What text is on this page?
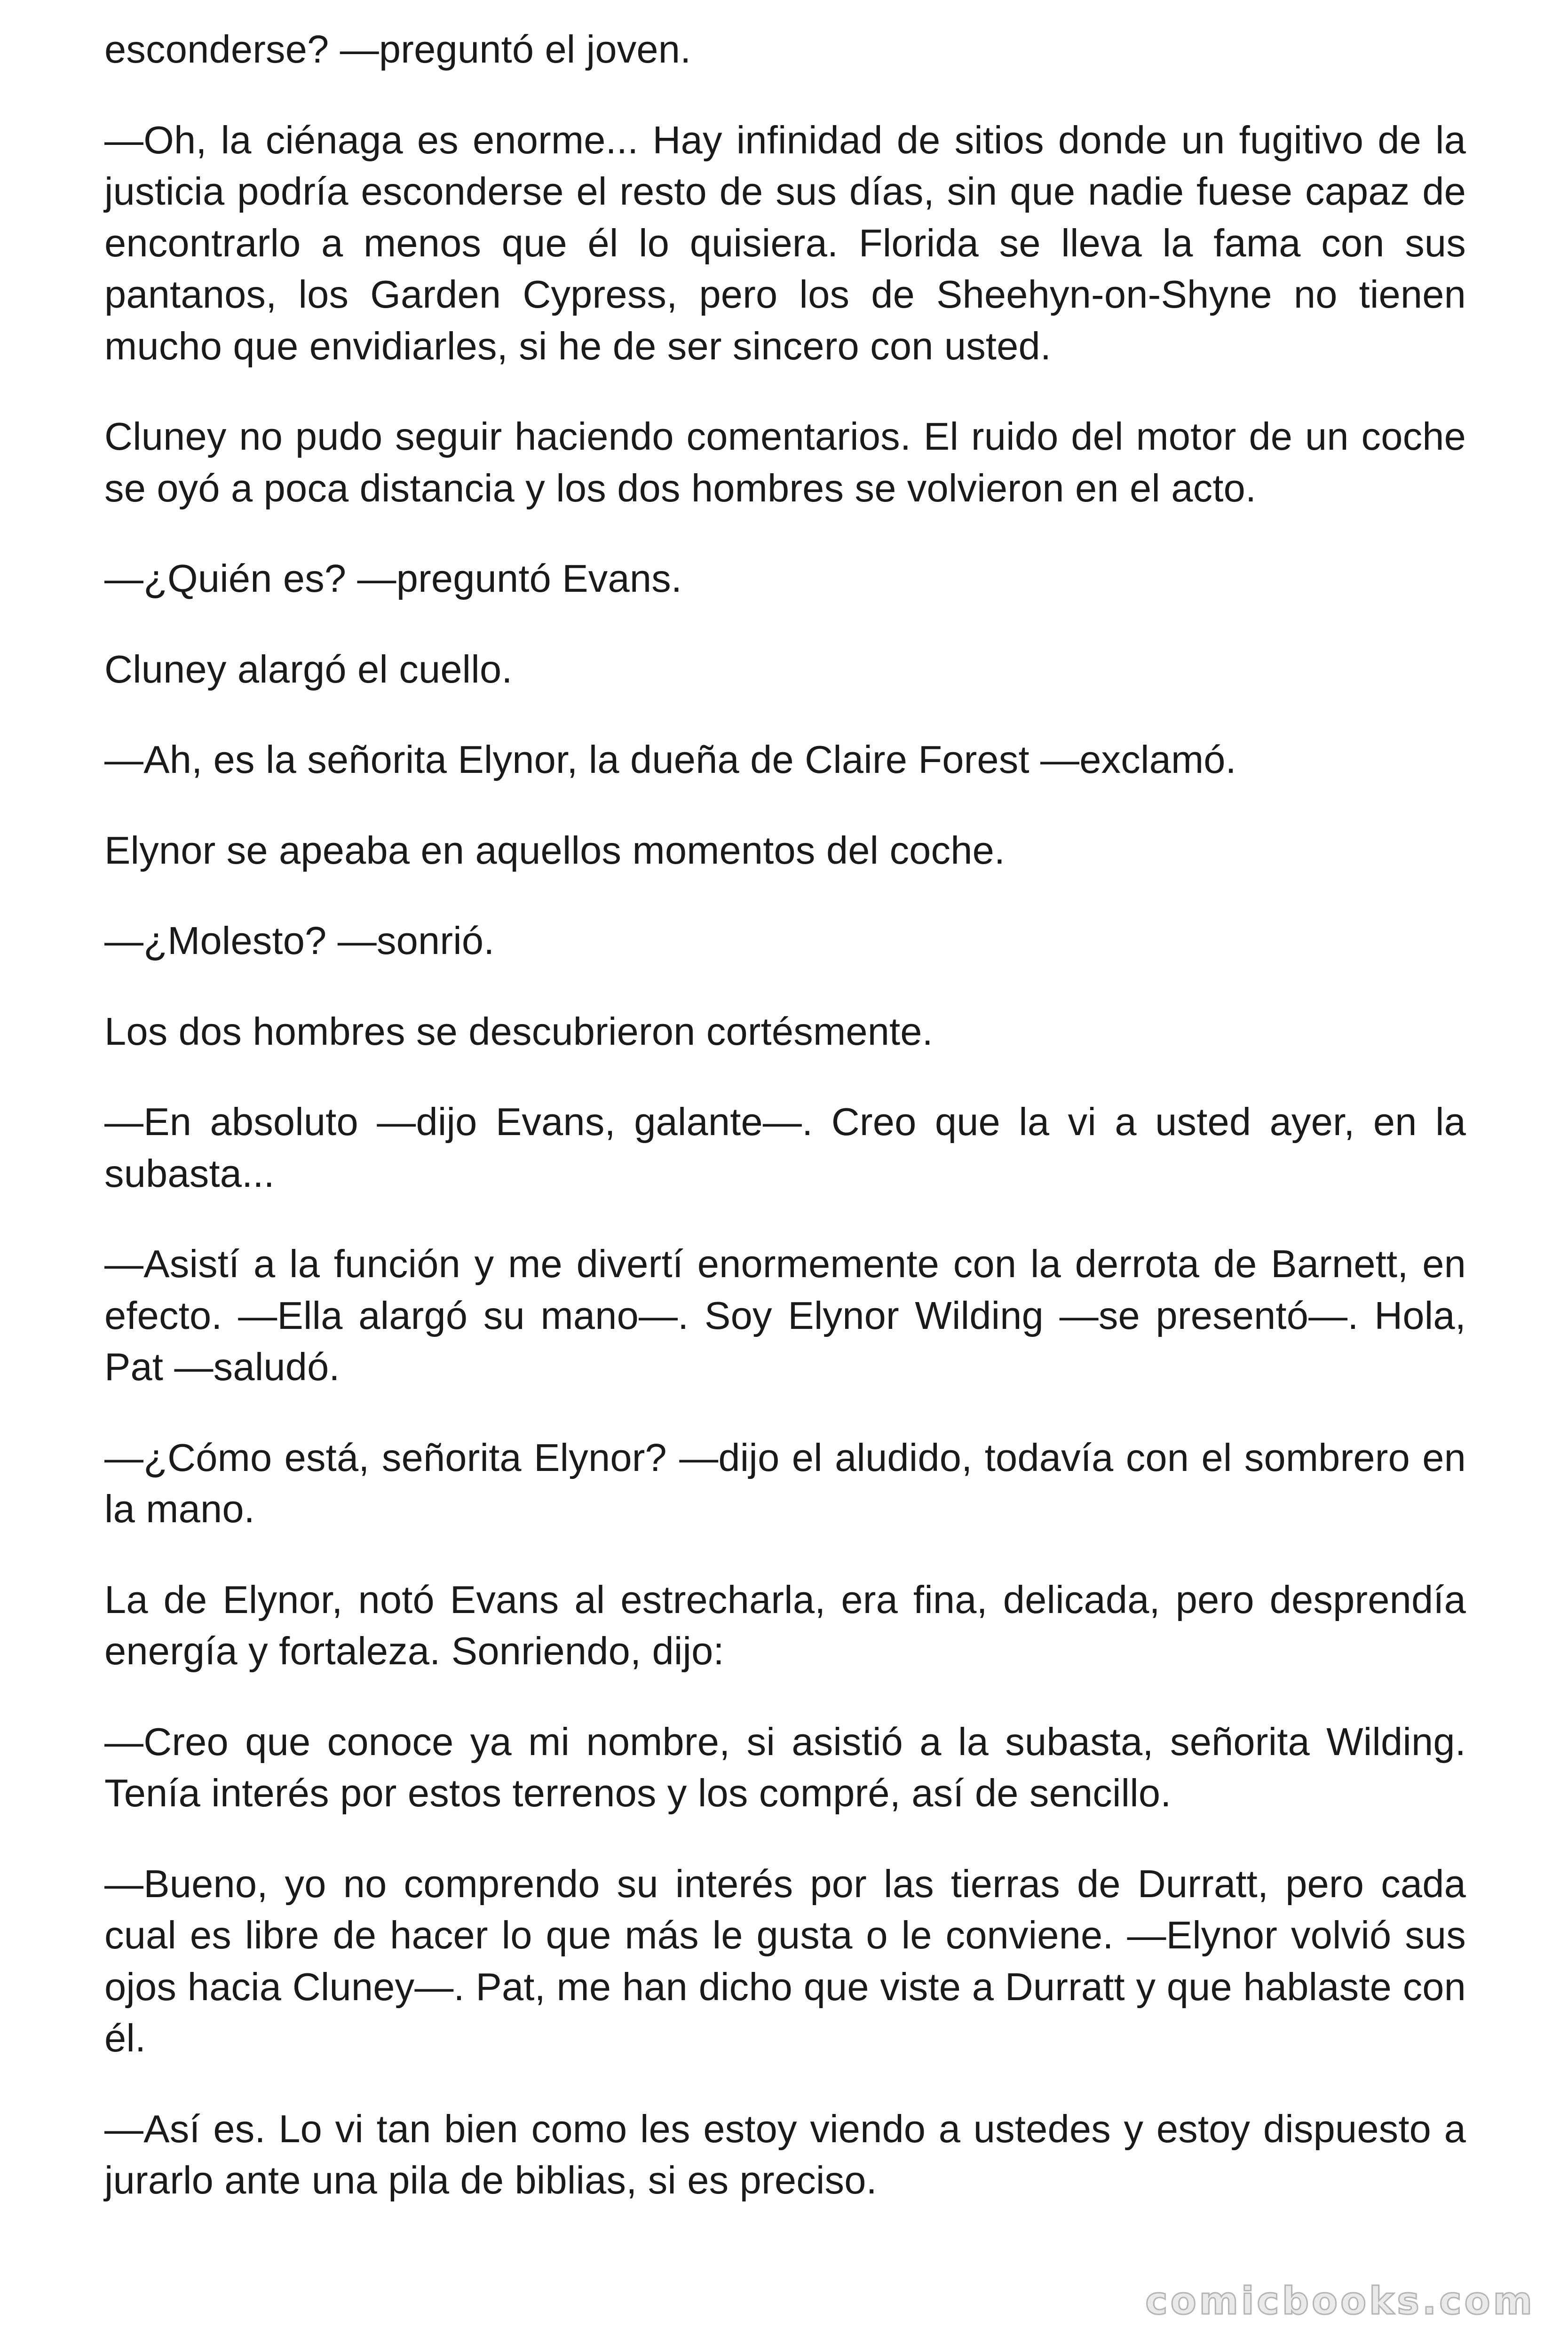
esconderse? —preguntó el joven.

—Oh, la ciénaga es enorme... Hay infinidad de sitios donde un fugitivo de la justicia podría esconderse el resto de sus días, sin que nadie fuese capaz de encontrarlo a menos que él lo quisiera. Florida se lleva la fama con sus pantanos, los Garden Cypress, pero los de Sheehyn-on-Shyne no tienen mucho que envidiarles, si he de ser sincero con usted.

Cluney no pudo seguir haciendo comentarios. El ruido del motor de un coche se oyó a poca distancia y los dos hombres se volvieron en el acto.

—¿Quién es? —preguntó Evans.

Cluney alargó el cuello.

—Ah, es la señorita Elynor, la dueña de Claire Forest —exclamó.

Elynor se apeaba en aquellos momentos del coche.

—¿Molesto? —sonrió.

Los dos hombres se descubrieron cortésmente.

—En absoluto —dijo Evans, galante—. Creo que la vi a usted ayer, en la subasta...

—Asistí a la función y me divertí enormemente con la derrota de Barnett, en efecto. —Ella alargó su mano—. Soy Elynor Wilding —se presentó—. Hola, Pat —saludó.

—¿Cómo está, señorita Elynor? —dijo el aludido, todavía con el sombrero en la mano.

La de Elynor, notó Evans al estrecharla, era fina, delicada, pero desprendía energía y fortaleza. Sonriendo, dijo:

—Creo que conoce ya mi nombre, si asistió a la subasta, señorita Wilding. Tenía interés por estos terrenos y los compré, así de sencillo.

—Bueno, yo no comprendo su interés por las tierras de Durratt, pero cada cual es libre de hacer lo que más le gusta o le conviene. —Elynor volvió sus ojos hacia Cluney—. Pat, me han dicho que viste a Durratt y que hablaste con él.

—Así es. Lo vi tan bien como les estoy viendo a ustedes y estoy dispuesto a jurarlo ante una pila de biblias, si es preciso.

comicbooks.com
